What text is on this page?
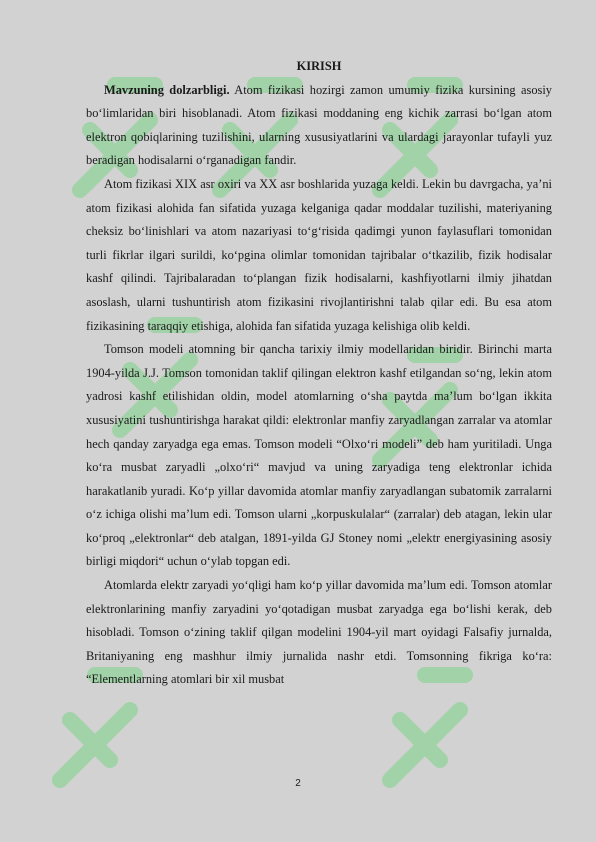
KIRISH

Mavzuning dolzarbligi. Atom fizikasi hozirgi zamon umumiy fizika kursining asosiy bo‘limlaridan biri hisoblanadi. Atom fizikasi moddaning eng kichik zarrasi bo‘lgan atom elektron qobiqlarining tuzilishini, ularning xususiyatlarini va ulardagi jarayonlar tufayli yuz beradigan hodisalarni o‘rganadigan fandir.

Atom fizikasi XIX asr oxiri va XX asr boshlarida yuzaga keldi. Lekin bu davrgacha, ya’ni atom fizikasi alohida fan sifatida yuzaga kelganiga qadar moddalar tuzilishi, materiyaning cheksiz bo‘linishlari va atom nazariyasi to‘g‘risida qadimgi yunon faylasuflari tomonidan turli fikrlar ilgari surildi, ko‘pgina olimlar tomonidan tajribalar o‘tkazilib, fizik hodisalar kashf qilindi. Tajribalaradan to‘plangan fizik hodisalarni, kashfiyotlarni ilmiy jihatdan asoslash, ularni tushuntirish atom fizikasini rivojlantirishni talab qilar edi. Bu esa atom fizikasining taraqqiy etishiga, alohida fan sifatida yuzaga kelishiga olib keldi.

Tomson modeli atomning bir qancha tarixiy ilmiy modellaridan biridir. Birinchi marta 1904-yilda J.J. Tomson tomonidan taklif qilingan elektron kashf etilgandan so‘ng, lekin atom yadrosi kashf etilishidan oldin, model atomlarning o‘sha paytda ma’lum bo‘lgan ikkita xususiyatini tushuntirishga harakat qildi: elektronlar manfiy zaryadlangan zarralar va atomlar hech qanday zaryadga ega emas. Tomson modeli “Olxo‘ri modeli” deb ham yuritiladi. Unga ko‘ra musbat zaryadli „olxo‘ri“ mavjud va uning zaryadiga teng elektronlar ichida harakatlanib yuradi. Ko‘p yillar davomida atomlar manfiy zaryadlangan subatomik zarralarni o‘z ichiga olishi ma’lum edi. Tomson ularni „korpuskulalar“ (zarralar) deb atagan, lekin ular ko‘proq „elektronlar“ deb atalgan, 1891-yilda GJ Stoney nomi „elektr energiyasining asosiy birligi miqdori“ uchun o‘ylab topgan edi.

Atomlarda elektr zaryadi yo‘qligi ham ko‘p yillar davomida ma’lum edi. Tomson atomlar elektronlarining manfiy zaryadini yo‘qotadigan musbat zaryadga ega bo‘lishi kerak, deb hisobladi. Tomson o‘zining taklif qilgan modelini 1904-yil mart oyidagi Falsafiy jurnalda, Britaniyaning eng mashhur ilmiy jurnalida nashr etdi. Tomsonning fikriga ko‘ra: “Elementlarning atomlari bir xil musbat

2
